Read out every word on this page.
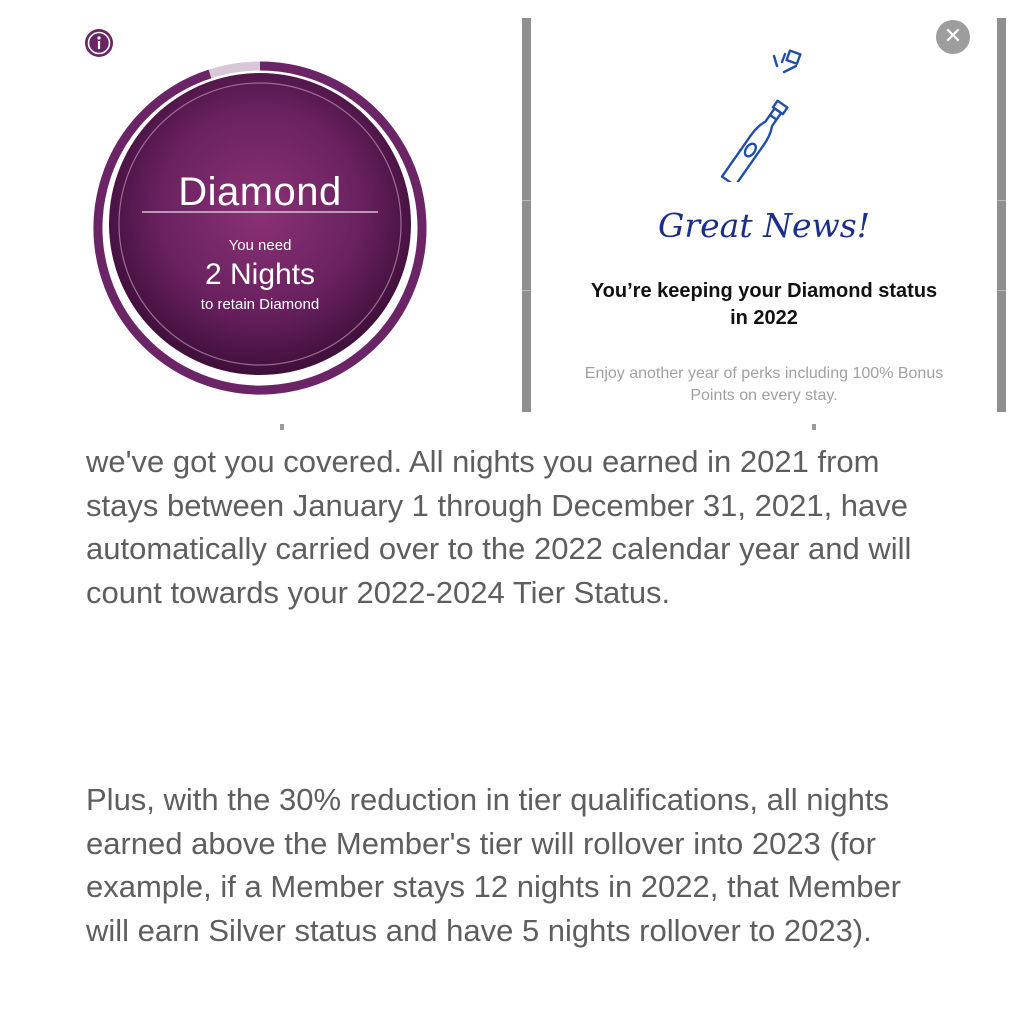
Diamond
You need
2 Nights
to retain Diamond
✕
Great News!
You’re keeping your Diamond status in 2022
Enjoy another year of perks including 100% Bonus Points on every stay.

we've got you covered. All nights you earned in 2021 from stays between January 1 through December 31, 2021, have automatically carried over to the 2022 calendar year and will count towards your 2022-2024 Tier Status.

Plus, with the 30% reduction in tier qualifications, all nights earned above the Member's tier will rollover into 2023 (for example, if a Member stays 12 nights in 2022, that Member will earn Silver status and have 5 nights rollover to 2023).
